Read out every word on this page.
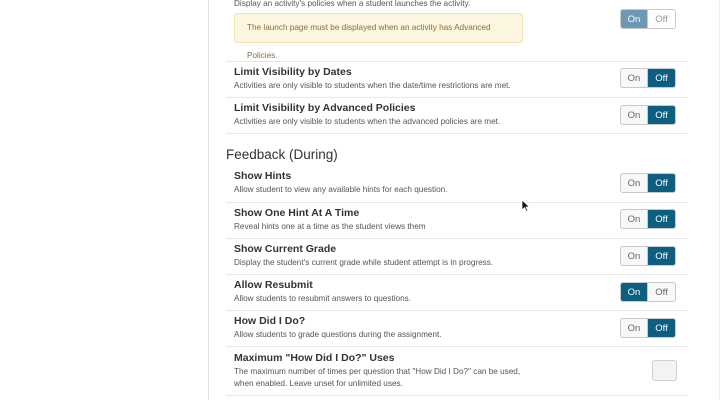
Display an activity's policies when a student launches the activity.
On	Off
The launch page must be displayed when an activity has Advanced Policies.
Limit Visibility by Dates
Activities are only visible to students when the date/time restrictions are met.
On	Off
Limit Visibility by Advanced Policies
Activities are only visible to students when the advanced policies are met.
On	Off
Feedback (During)
Show Hints
Allow student to view any available hints for each question.
On	Off
Show One Hint At A Time
Reveal hints one at a time as the student views them
On	Off
Show Current Grade
Display the student's current grade while student attempt is in progress.
On	Off
Allow Resubmit
Allow students to resubmit answers to questions.
On	Off
How Did I Do?
Allow students to grade questions during the assignment.
On	Off
Maximum "How Did I Do?" Uses
The maximum number of times per question that "How Did I Do?" can be used,
when enabled. Leave unset for unlimited uses.
